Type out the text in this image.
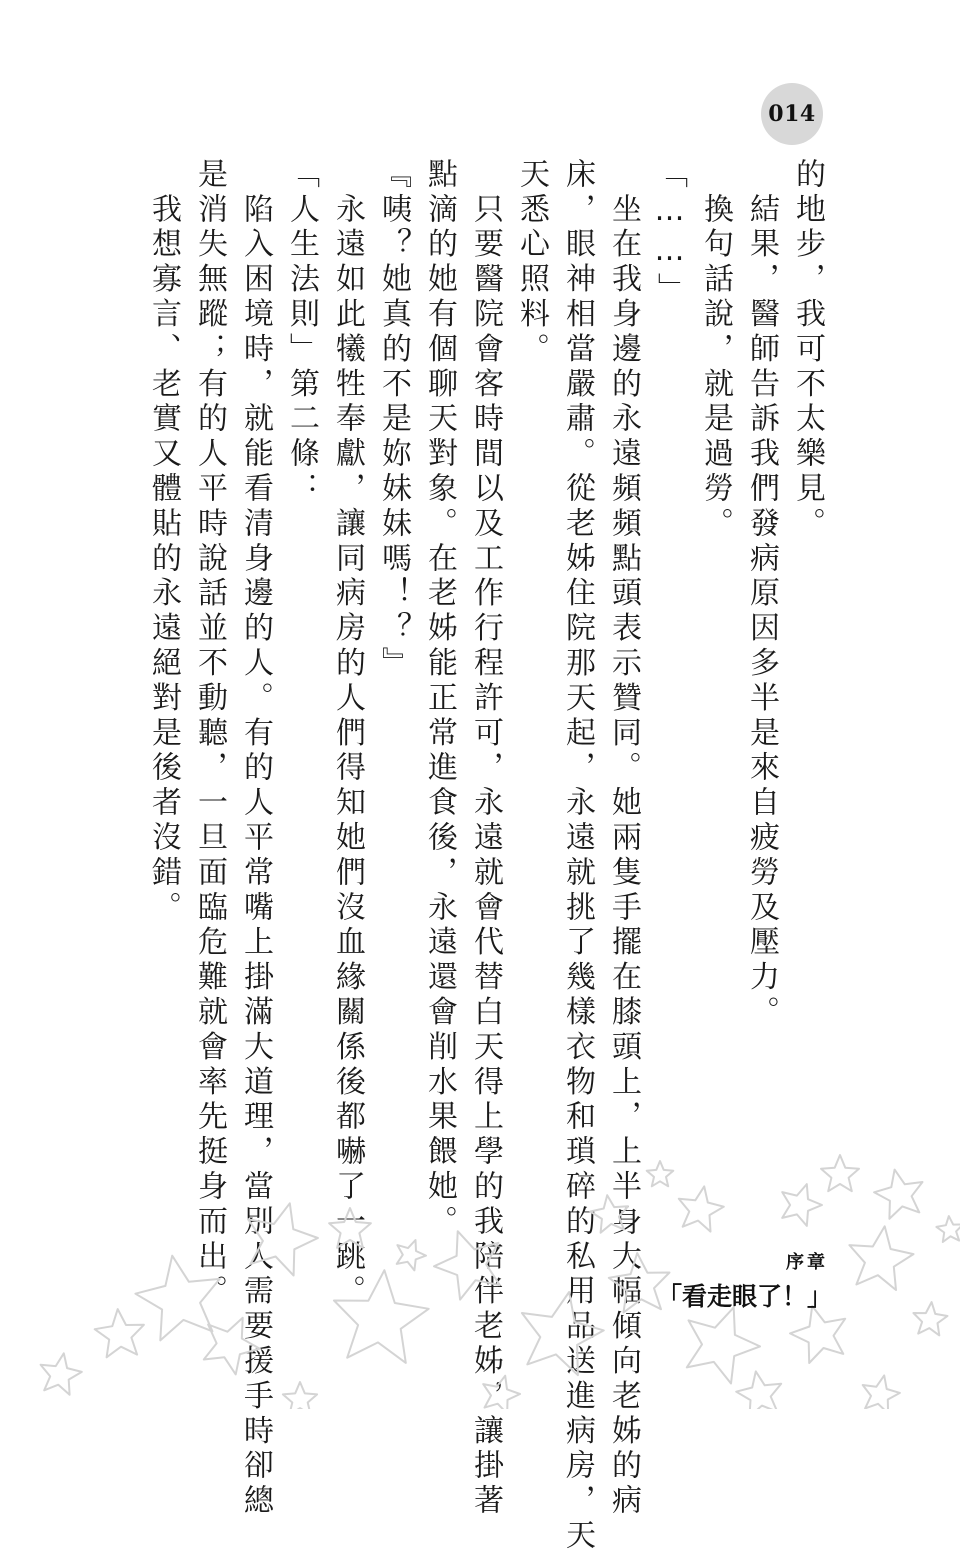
014
的地步，我可不太樂見。
　結果，醫師告訴我們發病原因多半是來自疲勞及壓力。
　換句話說，就是過勞。
「……」
　坐在我身邊的永遠頻頻點頭表示贊同。她兩隻手擺在膝頭上，上半身大幅傾向老姊的病
床，眼神相當嚴肅。從老姊住院那天起，永遠就挑了幾樣衣物和瑣碎的私用品送進病房，天
天悉心照料。
　只要醫院會客時間以及工作行程許可，永遠就會代替白天得上學的我陪伴老姊，讓掛著
點滴的她有個聊天對象。在老姊能正常進食後，永遠還會削水果餵她。
『咦？她真的不是妳妹妹嗎！？』
　永遠如此犧牲奉獻，讓同病房的人們得知她們沒血緣關係後都嚇了一跳。
「人生法則」第二條：
　陷入困境時，就能看清身邊的人。有的人平常嘴上掛滿大道理，當別人需要援手時卻總
是消失無蹤；有的人平時說話並不動聽，一旦面臨危難就會率先挺身而出。
　我想寡言、老實又體貼的永遠絕對是後者沒錯。
序章
「看走眼了！」
